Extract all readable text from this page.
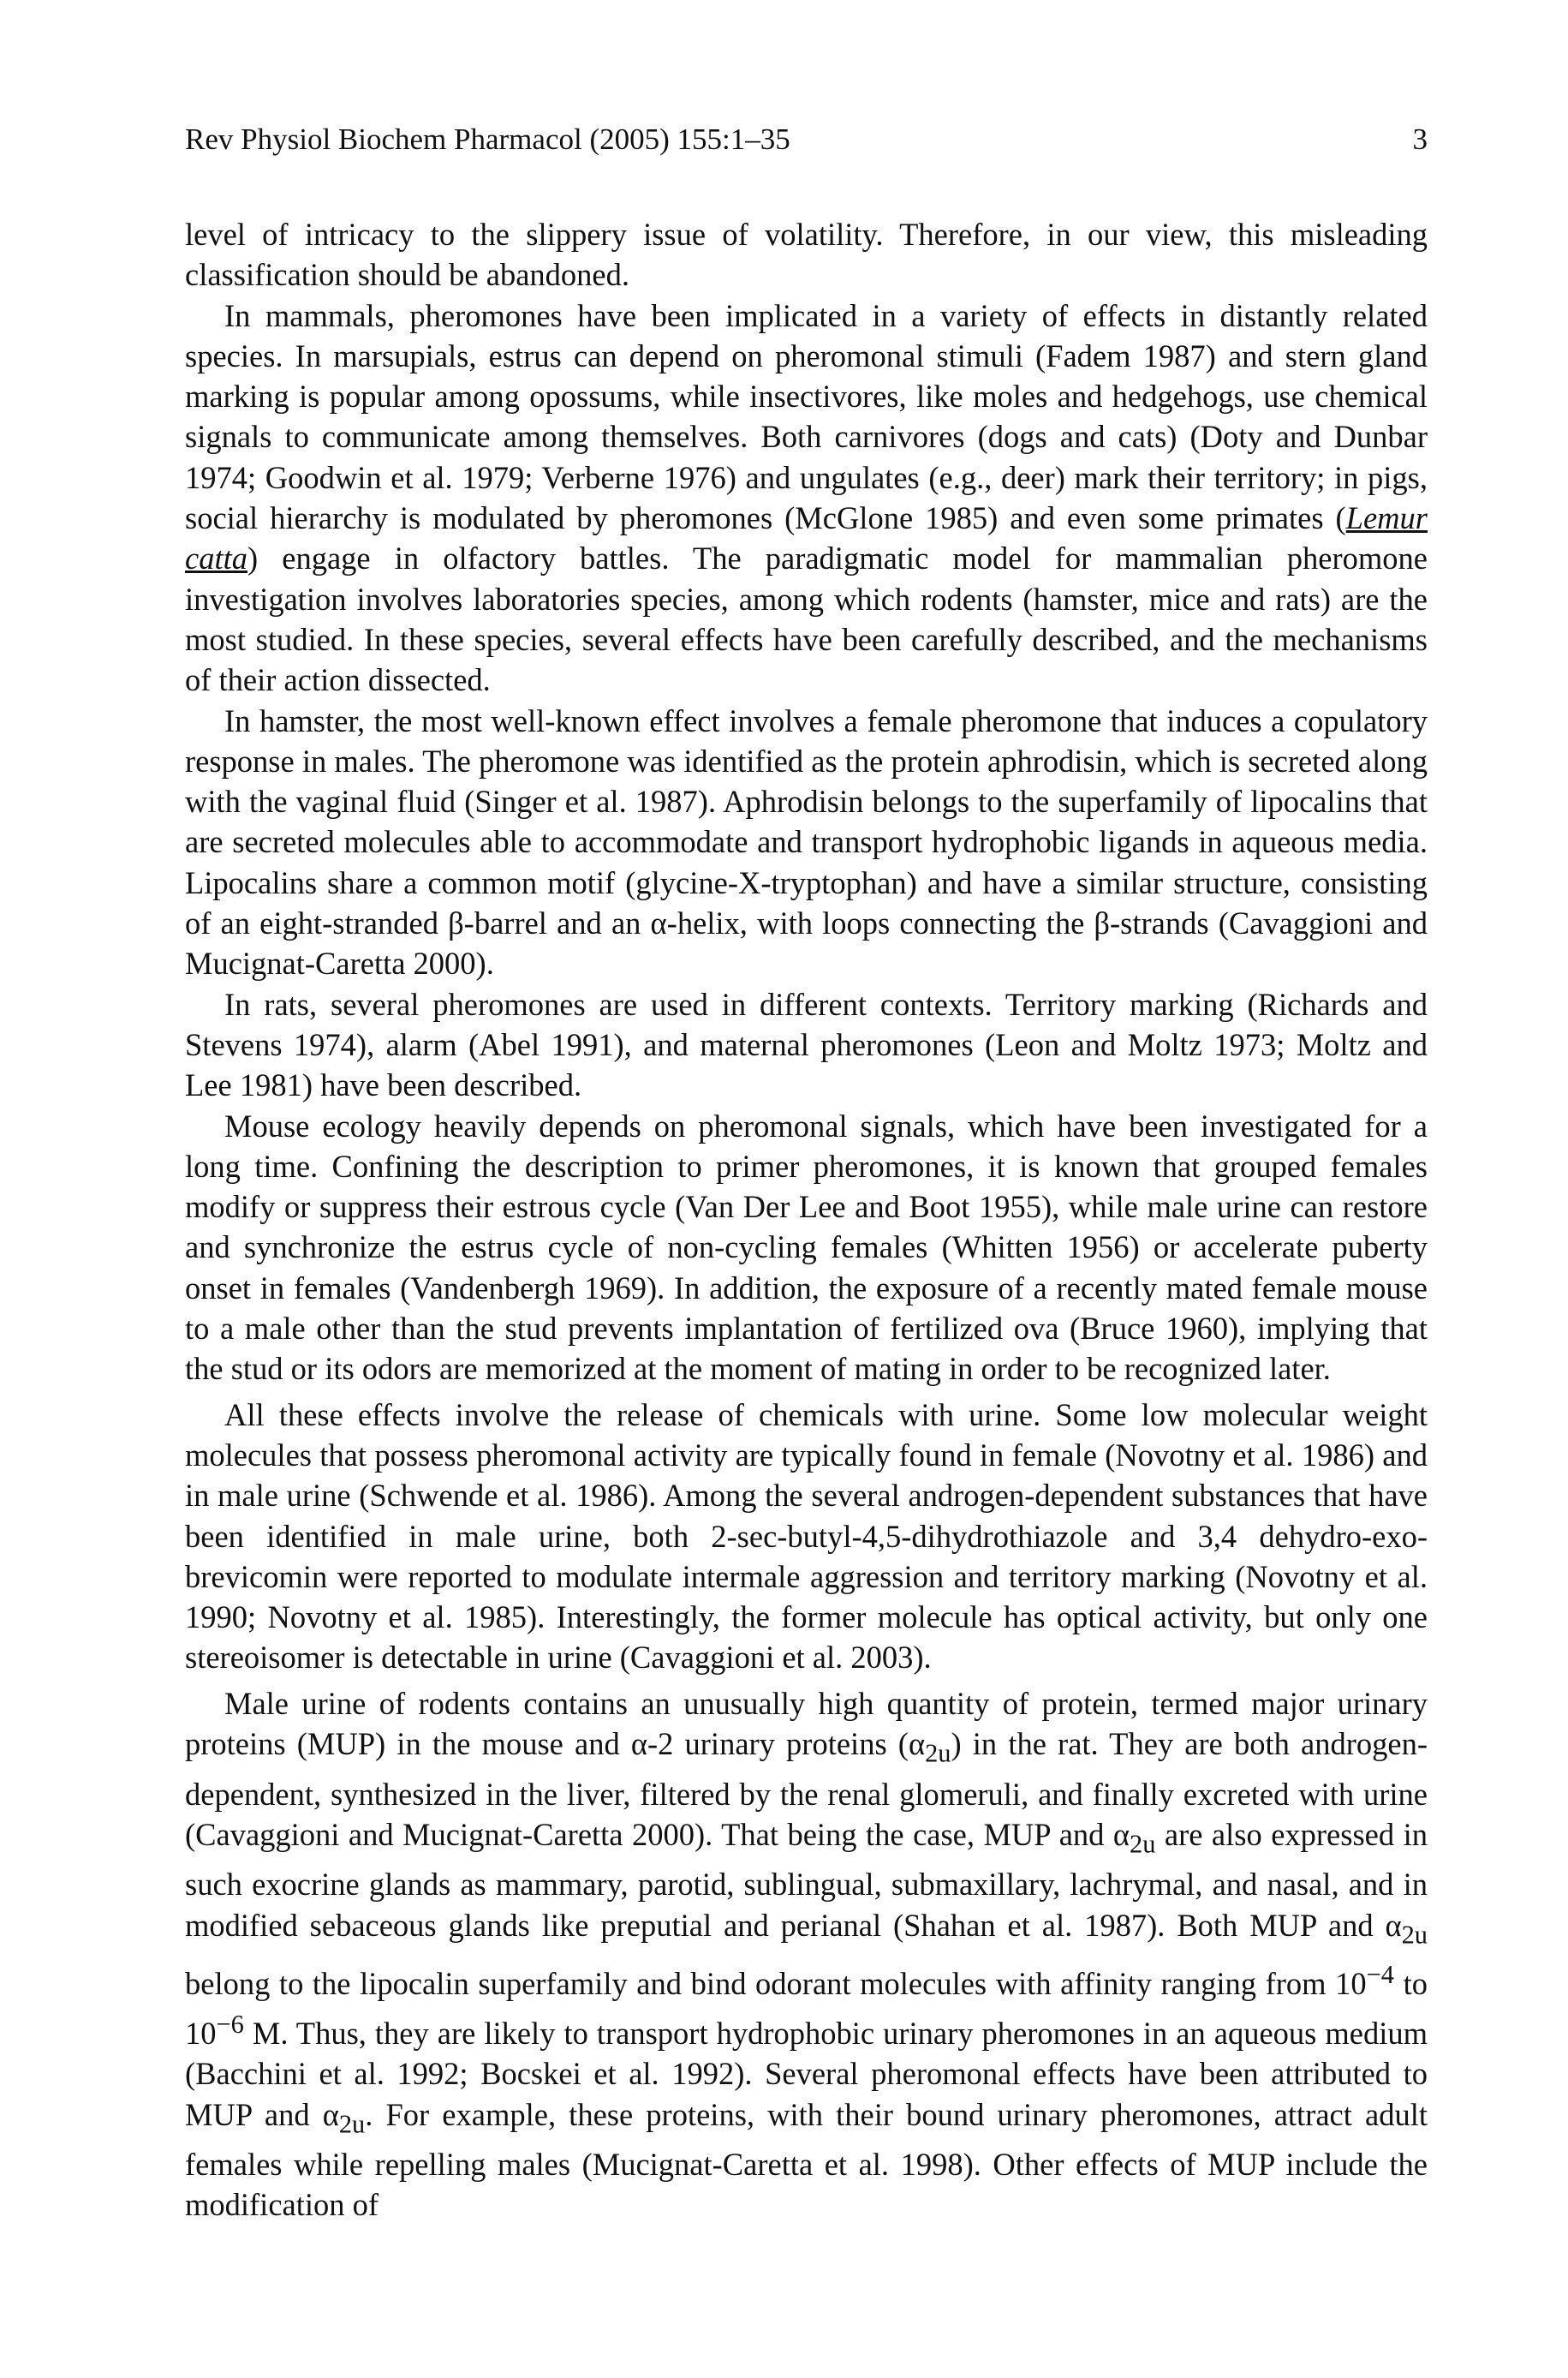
Rev Physiol Biochem Pharmacol (2005) 155:1–35	3

level of intricacy to the slippery issue of volatility. Therefore, in our view, this misleading classification should be abandoned.

In mammals, pheromones have been implicated in a variety of effects in distantly related species. In marsupials, estrus can depend on pheromonal stimuli (Fadem 1987) and stern gland marking is popular among opossums, while insectivores, like moles and hedgehogs, use chemical signals to communicate among themselves. Both carnivores (dogs and cats) (Doty and Dunbar 1974; Goodwin et al. 1979; Verberne 1976) and ungulates (e.g., deer) mark their territory; in pigs, social hierarchy is modulated by pheromones (McGlone 1985) and even some primates (Lemur catta) engage in olfactory battles. The paradigmatic model for mammalian pheromone investigation involves laboratories species, among which rodents (hamster, mice and rats) are the most studied. In these species, several effects have been carefully described, and the mechanisms of their action dissected.

In hamster, the most well-known effect involves a female pheromone that induces a copulatory response in males. The pheromone was identified as the protein aphrodisin, which is secreted along with the vaginal fluid (Singer et al. 1987). Aphrodisin belongs to the superfamily of lipocalins that are secreted molecules able to accommodate and transport hydrophobic ligands in aqueous media. Lipocalins share a common motif (glycine-X-tryptophan) and have a similar structure, consisting of an eight-stranded β-barrel and an α-helix, with loops connecting the β-strands (Cavaggioni and Mucignat-Caretta 2000).

In rats, several pheromones are used in different contexts. Territory marking (Richards and Stevens 1974), alarm (Abel 1991), and maternal pheromones (Leon and Moltz 1973; Moltz and Lee 1981) have been described.

Mouse ecology heavily depends on pheromonal signals, which have been investigated for a long time. Confining the description to primer pheromones, it is known that grouped females modify or suppress their estrous cycle (Van Der Lee and Boot 1955), while male urine can restore and synchronize the estrus cycle of non-cycling females (Whitten 1956) or accelerate puberty onset in females (Vandenbergh 1969). In addition, the exposure of a recently mated female mouse to a male other than the stud prevents implantation of fertilized ova (Bruce 1960), implying that the stud or its odors are memorized at the moment of mating in order to be recognized later.

All these effects involve the release of chemicals with urine. Some low molecular weight molecules that possess pheromonal activity are typically found in female (Novotny et al. 1986) and in male urine (Schwende et al. 1986). Among the several androgen-dependent substances that have been identified in male urine, both 2-sec-butyl-4,5-dihydrothiazole and 3,4 dehydro-exo-brevicomin were reported to modulate intermale aggression and territory marking (Novotny et al. 1990; Novotny et al. 1985). Interestingly, the former molecule has optical activity, but only one stereoisomer is detectable in urine (Cavaggioni et al. 2003).

Male urine of rodents contains an unusually high quantity of protein, termed major urinary proteins (MUP) in the mouse and α-2 urinary proteins $(\alpha_{2u})$ in the rat. They are both androgen-dependent, synthesized in the liver, filtered by the renal glomeruli, and finally excreted with urine (Cavaggioni and Mucignat-Caretta 2000). That being the case, MUP and $\alpha_{2u}$ are also expressed in such exocrine glands as mammary, parotid, sublingual, submaxillary, lachrymal, and nasal, and in modified sebaceous glands like preputial and perianal (Shahan et al. 1987). Both MUP and $\alpha_{2u}$ belong to the lipocalin superfamily and bind odorant molecules with affinity ranging from $10^{-4}$ to $10^{-6}$ M. Thus, they are likely to transport hydrophobic urinary pheromones in an aqueous medium (Bacchini et al. 1992; Bocskei et al. 1992). Several pheromonal effects have been attributed to MUP and $\alpha_{2u}$. For example, these proteins, with their bound urinary pheromones, attract adult females while repelling males (Mucignat-Caretta et al. 1998). Other effects of MUP include the modification of
